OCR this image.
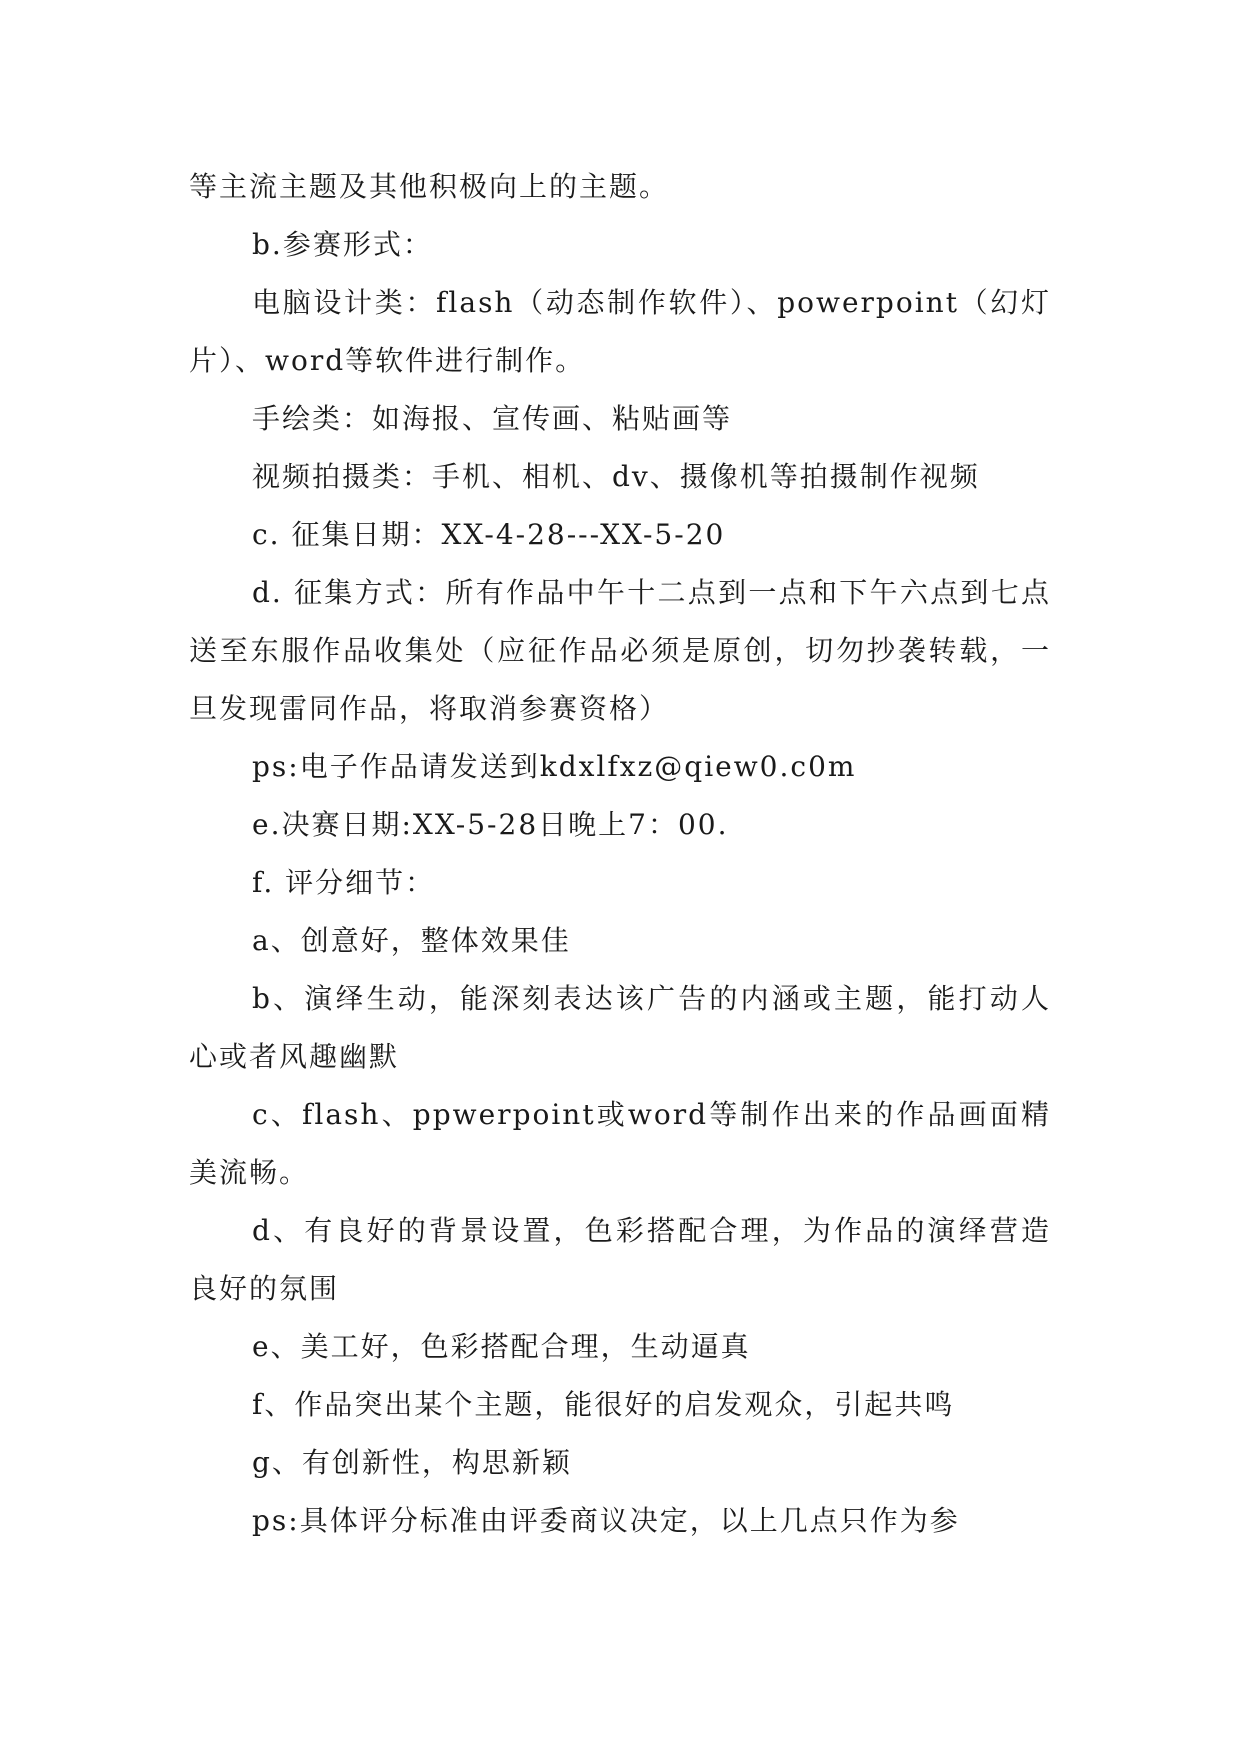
等主流主题及其他积极向上的主题。

b.参赛形式：

电脑设计类：flash（动态制作软件）、powerpoint（幻灯片）、word等软件进行制作。

手绘类：如海报、宣传画、粘贴画等

视频拍摄类：手机、相机、dv、摄像机等拍摄制作视频

c. 征集日期：XX-4-28---XX-5-20

d. 征集方式：所有作品中午十二点到一点和下午六点到七点送至东服作品收集处（应征作品必须是原创，切勿抄袭转载，一旦发现雷同作品，将取消参赛资格）

ps:电子作品请发送到kdxlfxz@qiew0.c0m

e.决赛日期:XX-5-28日晚上7：00.

f. 评分细节：

a、创意好，整体效果佳

b、演绎生动，能深刻表达该广告的内涵或主题，能打动人心或者风趣幽默

c、flash、ppwerpoint或word等制作出来的作品画面精美流畅。

d、有良好的背景设置，色彩搭配合理，为作品的演绎营造良好的氛围

e、美工好，色彩搭配合理，生动逼真

f、作品突出某个主题，能很好的启发观众，引起共鸣

g、有创新性，构思新颖

ps:具体评分标准由评委商议决定，以上几点只作为参
